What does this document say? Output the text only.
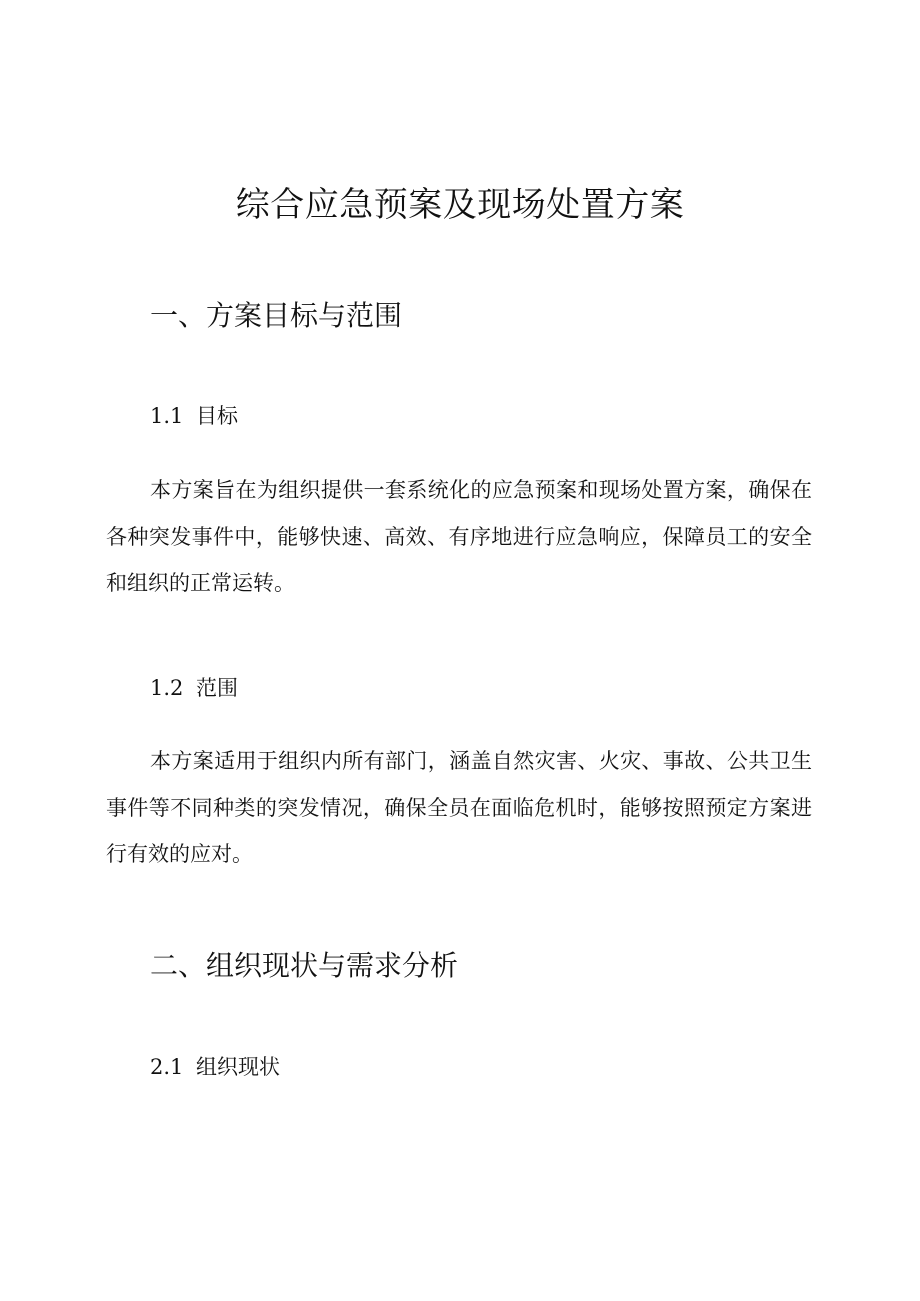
综合应急预案及现场处置方案
一、方案目标与范围
1.1 目标

本方案旨在为组织提供一套系统化的应急预案和现场处置方案，确保在各种突发事件中，能够快速、高效、有序地进行应急响应，保障员工的安全和组织的正常运转。

1.2 范围

本方案适用于组织内所有部门，涵盖自然灾害、火灾、事故、公共卫生事件等不同种类的突发情况，确保全员在面临危机时，能够按照预定方案进行有效的应对。

二、组织现状与需求分析
2.1 组织现状
